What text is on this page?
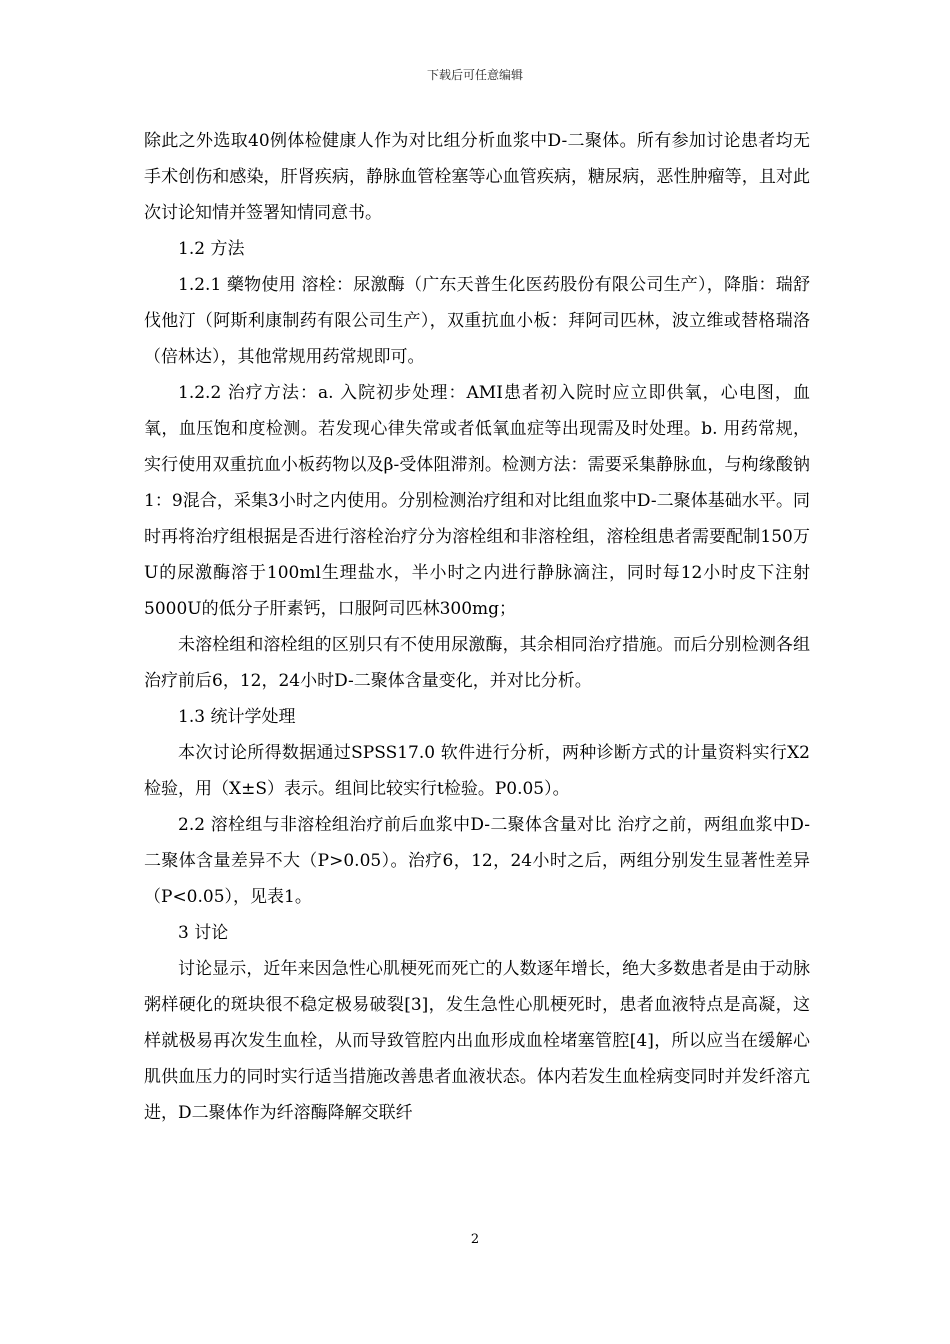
下载后可任意编辑

除此之外选取40例体检健康人作为对比组分析血浆中D-二聚体。所有参加讨论患者均无手术创伤和感染，肝肾疾病，静脉血管栓塞等心血管疾病，糖尿病，恶性肿瘤等，且对此次讨论知情并签署知情同意书。

1.2 方法

1.2.1 藥物使用 溶栓：尿激酶（广东天普生化医药股份有限公司生产），降脂：瑞舒伐他汀（阿斯利康制药有限公司生产），双重抗血小板：拜阿司匹林，波立维或替格瑞洛（倍林达），其他常规用药常规即可。

1.2.2 治疗方法：a. 入院初步处理：AMI患者初入院时应立即供氧，心电图，血氧，血压饱和度检测。若发现心律失常或者低氧血症等出现需及时处理。b. 用药常规，实行使用双重抗血小板药物以及β-受体阻滞剂。检测方法：需要采集静脉血，与枸缘酸钠1：9混合，采集3小时之内使用。分别检测治疗组和对比组血浆中D-二聚体基础水平。同时再将治疗组根据是否进行溶栓治疗分为溶栓组和非溶栓组，溶栓组患者需要配制150万U的尿激酶溶于100ml生理盐水，半小时之内进行静脉滴注，同时每12小时皮下注射5000U的低分子肝素钙，口服阿司匹林300mg；

未溶栓组和溶栓组的区别只有不使用尿激酶，其余相同治疗措施。而后分别检测各组治疗前后6，12，24小时D-二聚体含量变化，并对比分析。

1.3 统计学处理

本次讨论所得数据通过SPSS17.0 软件进行分析，两种诊断方式的计量资料实行X2检验，用（X±S）表示。组间比较实行t检验。P0.05）。

2.2 溶栓组与非溶栓组治疗前后血浆中D-二聚体含量对比 治疗之前，两组血浆中D-二聚体含量差异不大（P>0.05）。治疗6，12，24小时之后，两组分别发生显著性差异（P<0.05），见表1。

3 讨论

讨论显示，近年来因急性心肌梗死而死亡的人数逐年增长，绝大多数患者是由于动脉粥样硬化的斑块很不稳定极易破裂[3]，发生急性心肌梗死时，患者血液特点是高凝，这样就极易再次发生血栓，从而导致管腔内出血形成血栓堵塞管腔[4]，所以应当在缓解心肌供血压力的同时实行适当措施改善患者血液状态。体内若发生血栓病变同时并发纤溶亢进，D二聚体作为纤溶酶降解交联纤

2
